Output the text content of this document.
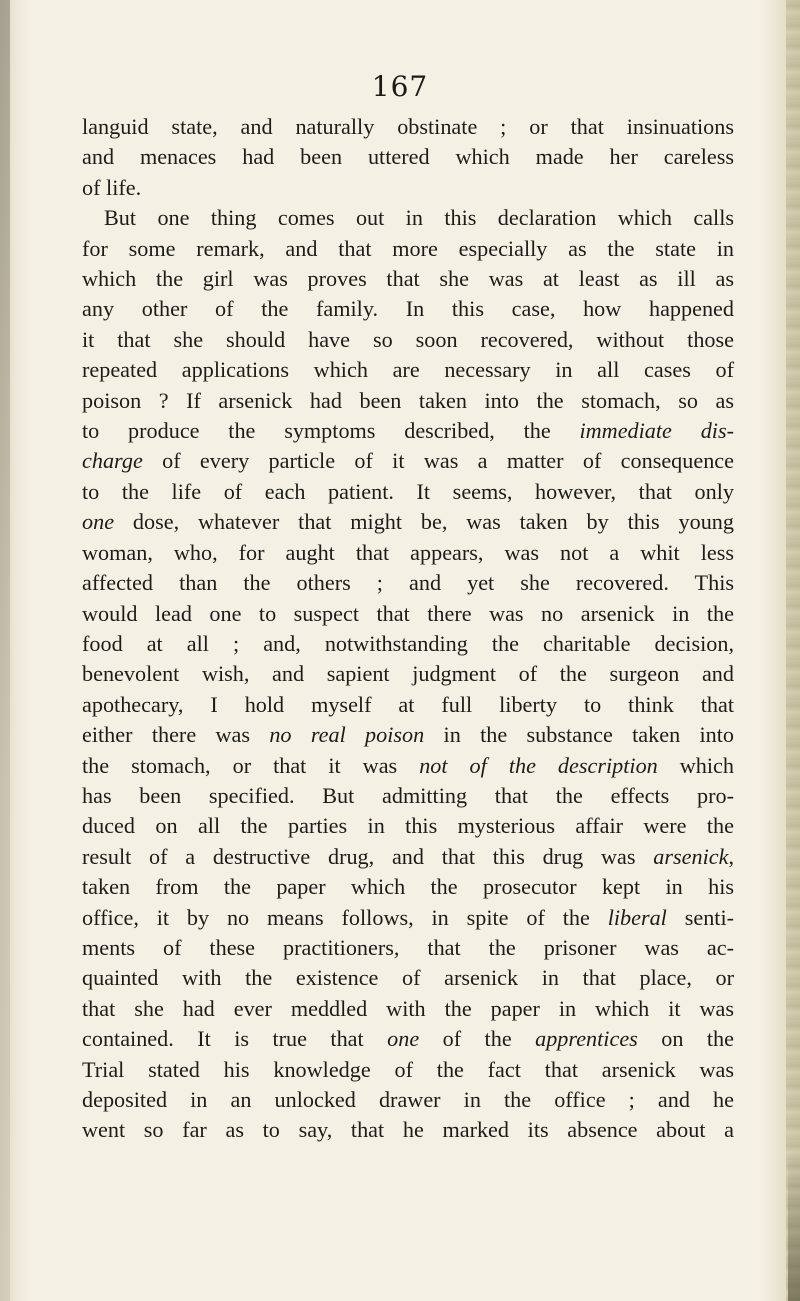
167
languid state, and naturally obstinate ; or that insinuations
and menaces had been uttered which made her careless
of life.
But one thing comes out in this declaration which calls
for some remark, and that more especially as the state in
which the girl was proves that she was at least as ill as
any other of the family. In this case, how happened
it that she should have so soon recovered, without those
repeated applications which are necessary in all cases of
poison ? If arsenick had been taken into the stomach, so as
to produce the symptoms described, the immediate dis-
charge of every particle of it was a matter of consequence
to the life of each patient. It seems, however, that only
one dose, whatever that might be, was taken by this young
woman, who, for aught that appears, was not a whit less
affected than the others ; and yet she recovered. This
would lead one to suspect that there was no arsenick in the
food at all ; and, notwithstanding the charitable decision,
benevolent wish, and sapient judgment of the surgeon and
apothecary, I hold myself at full liberty to think that
either there was no real poison in the substance taken into
the stomach, or that it was not of the description which
has been specified. But admitting that the effects pro-
duced on all the parties in this mysterious affair were the
result of a destructive drug, and that this drug was arsenick,
taken from the paper which the prosecutor kept in his
office, it by no means follows, in spite of the liberal senti-
ments of these practitioners, that the prisoner was ac-
quainted with the existence of arsenick in that place, or
that she had ever meddled with the paper in which it was
contained. It is true that one of the apprentices on the
Trial stated his knowledge of the fact that arsenick was
deposited in an unlocked drawer in the office ; and he
went so far as to say, that he marked its absence about a
